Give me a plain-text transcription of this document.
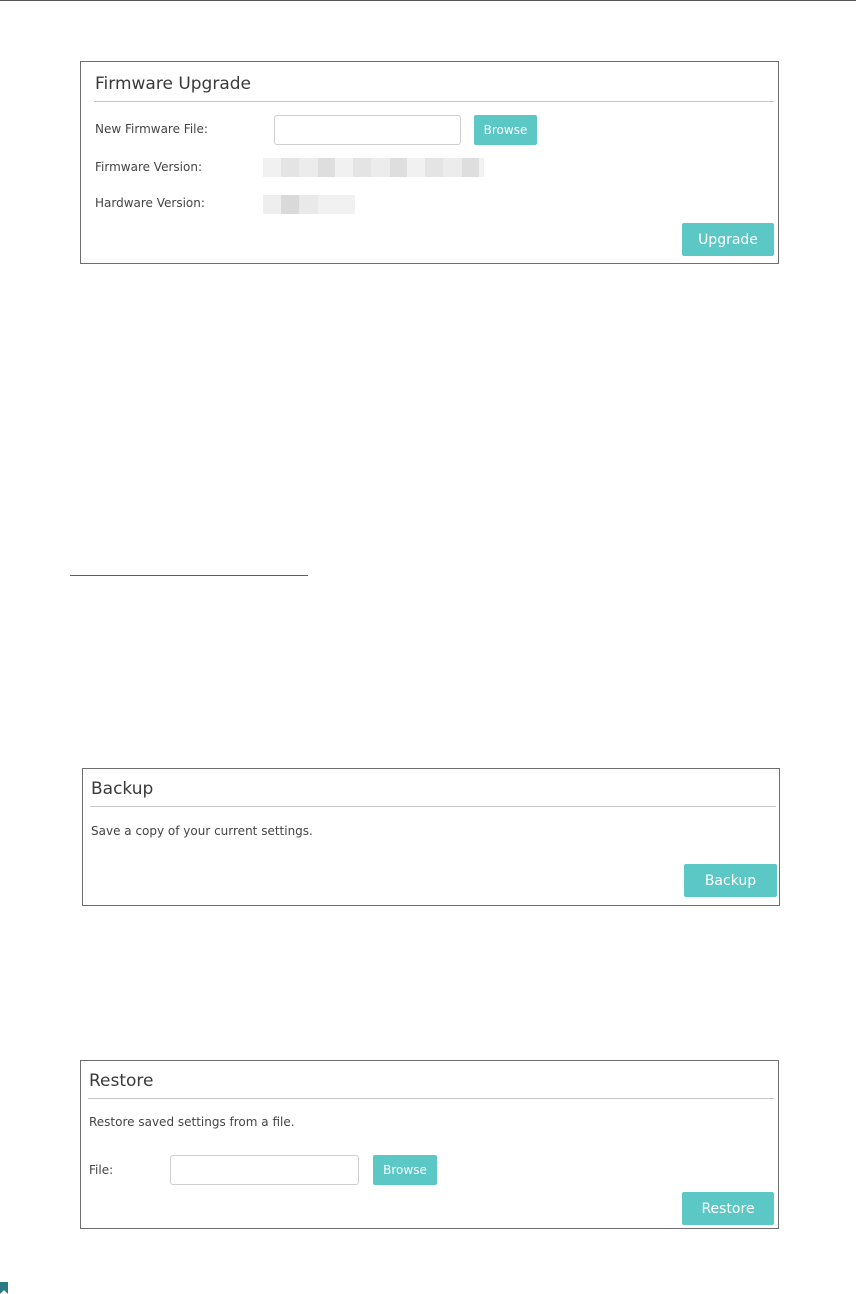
Firmware Upgrade
New Firmware File:	Browse
Firmware Version:
Hardware Version:
Upgrade
Backup
Save a copy of your current settings.
Backup
Restore
Restore saved settings from a file.
File:	Browse
Restore
